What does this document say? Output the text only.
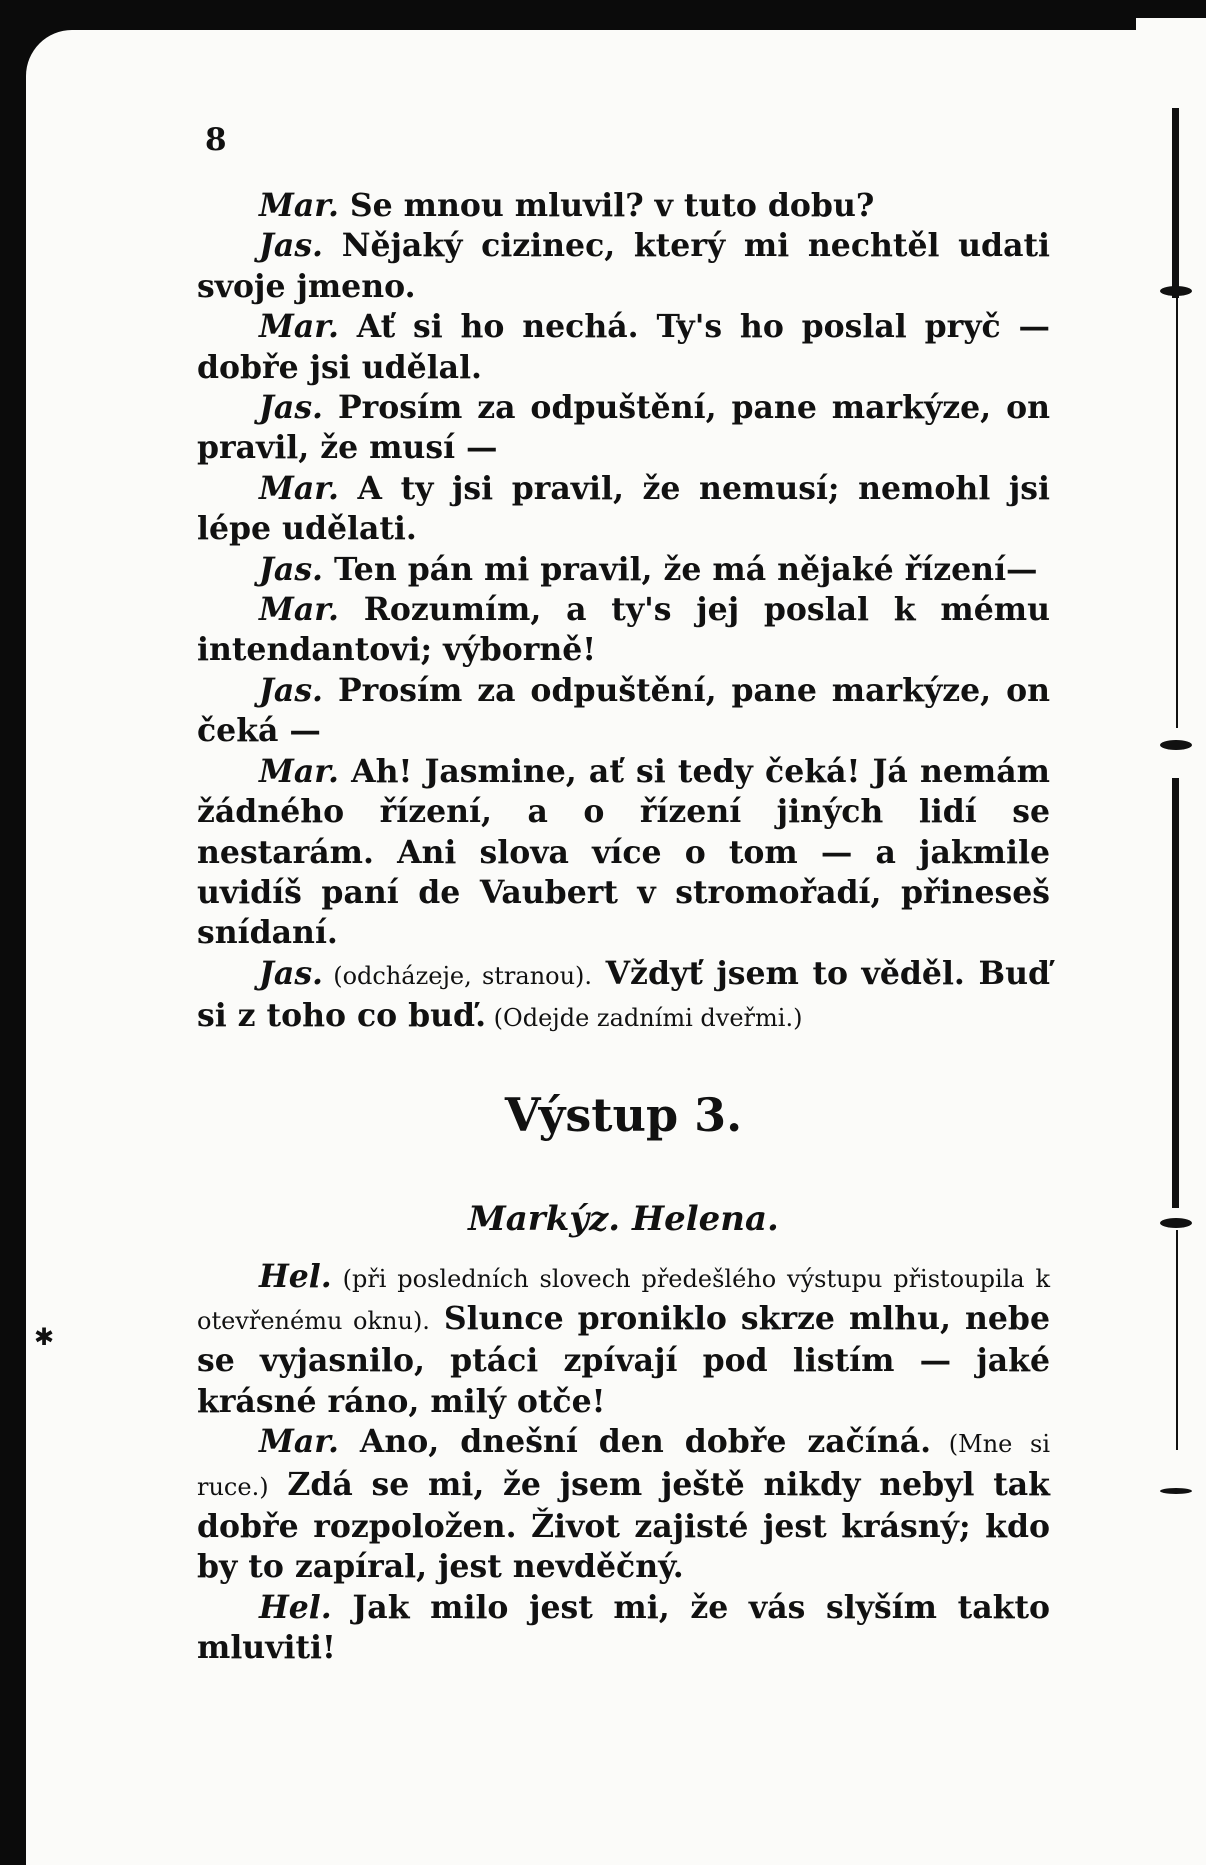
8

Mar. Se mnou mluvil? v tuto dobu?

Jas. Nějaký cizinec, který mi nechtěl udati svoje jmeno.

Mar. Ať si ho nechá. Ty's ho poslal pryč — dobře jsi udělal.

Jas. Prosím za odpuštění, pane markýze, on pravil, že musí —

Mar. A ty jsi pravil, že nemusí; nemohl jsi lépe udělati.

Jas. Ten pán mi pravil, že má nějaké řízení—

Mar. Rozumím, a ty's jej poslal k mému intendantovi; výborně!

Jas. Prosím za odpuštění, pane markýze, on čeká —

Mar. Ah! Jasmine, ať si tedy čeká! Já nemám žádného řízení, a o řízení jiných lidí se nestarám. Ani slova více o tom — a jakmile uvidíš paní de Vaubert v stromořadí, přineseš snídaní.

Jas. (odcházeje, stranou). Vždyť jsem to věděl. Buď si z toho co buď. (Odejde zadními dveřmi.)

Výstup 3.

Markýz. Helena.

Hel. (při posledních slovech předešlého výstupu přistoupila k otevřenému oknu). Slunce proniklo skrze mlhu, nebe se vyjasnilo, ptáci zpívají pod listím — jaké krásné ráno, milý otče!

Mar. Ano, dnešní den dobře začíná. (Mne si ruce.) Zdá se mi, že jsem ještě nikdy nebyl tak dobře rozpoložen. Život zajisté jest krásný; kdo by to zapíral, jest nevděčný.

Hel. Jak milo jest mi, že vás slyším takto mluviti!

✱
